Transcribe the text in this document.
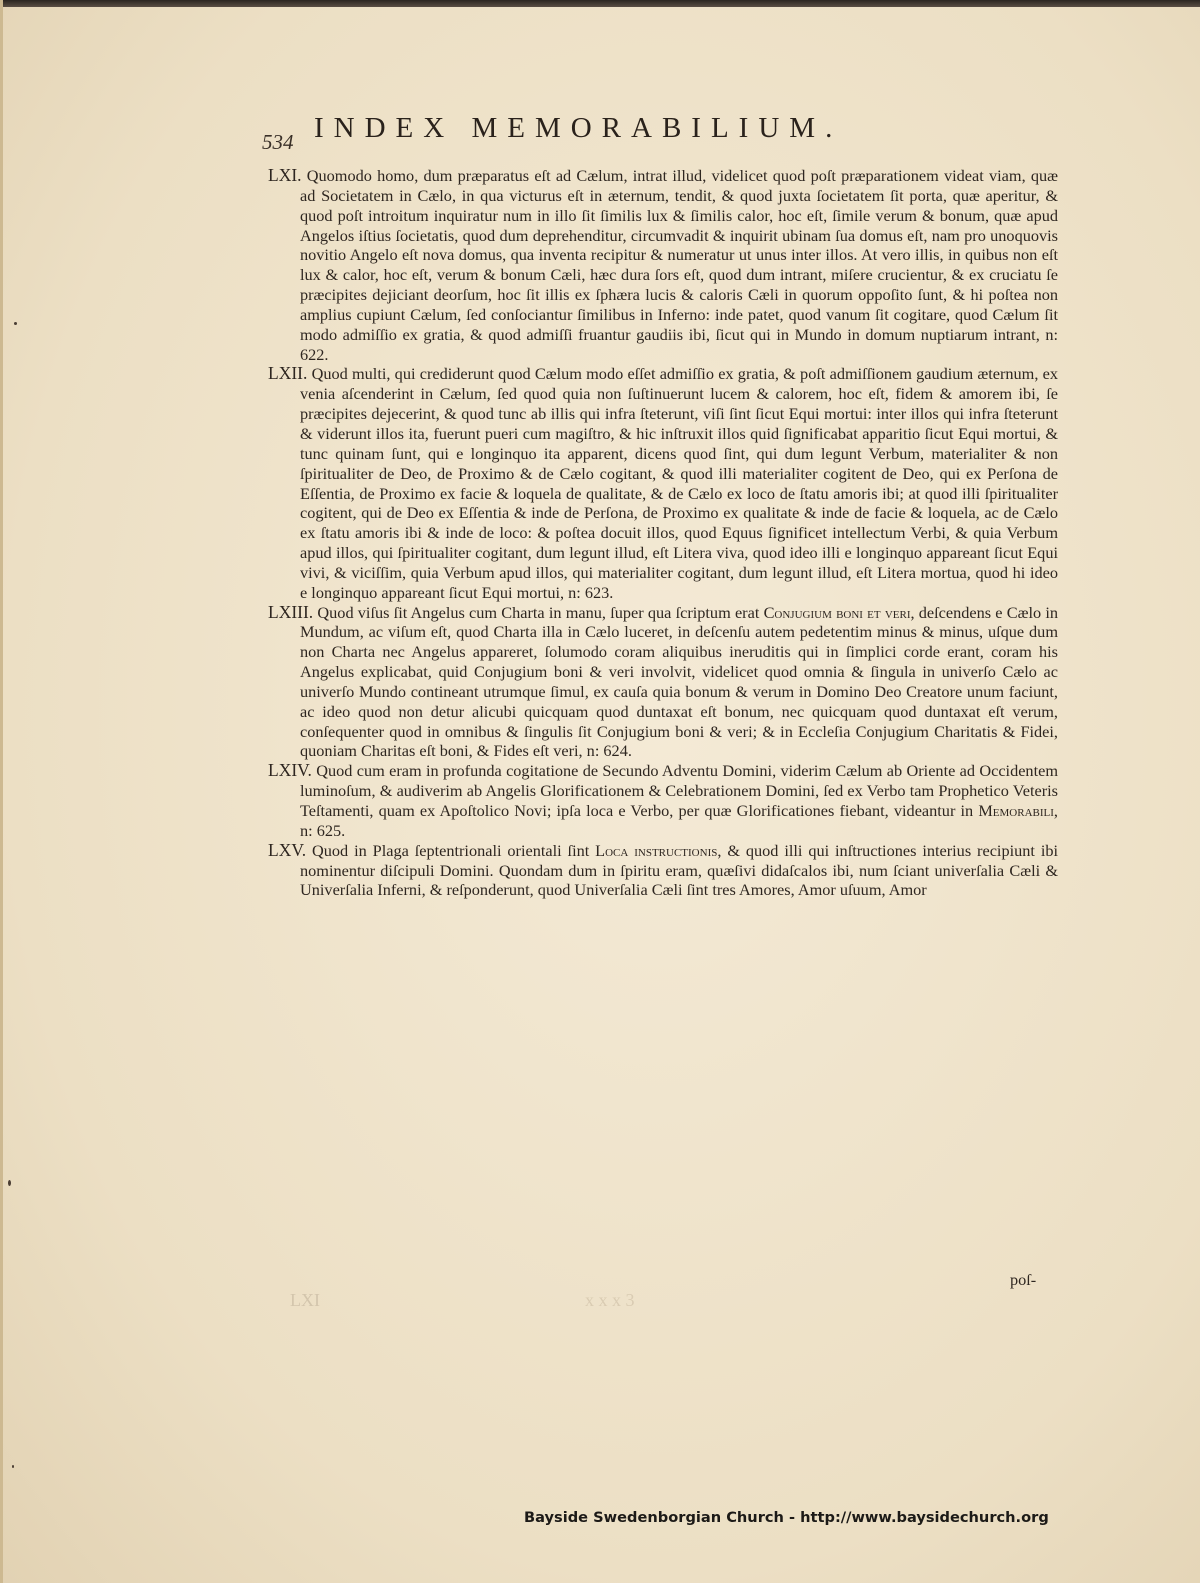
534 INDEX MEMORABILIUM.

LXI. Quomodo homo, dum præparatus eſt ad Cælum, intrat illud, videlicet quod poſt præparationem videat viam, quæ ad Societatem in Cælo, in qua victurus eſt in æternum, tendit, & quod juxta ſocietatem ſit porta, quæ aperitur, & quod poſt introitum inquiratur num in illo ſit ſimilis lux & ſimilis calor, hoc eſt, ſimile verum & bonum, quæ apud Angelos iſtius ſocietatis, quod dum deprehenditur, circumvadit & inquirit ubinam ſua domus eſt, nam pro unoquovis novitio Angelo eſt nova domus, qua inventa recipitur & numeratur ut unus inter illos. At vero illis, in quibus non eſt lux & calor, hoc eſt, verum & bonum Cæli, hæc dura ſors eſt, quod dum intrant, miſere crucientur, & ex cruciatu ſe præcipites dejiciant deorſum, hoc ſit illis ex ſphæra lucis & caloris Cæli in quorum oppoſito ſunt, & hi poſtea non amplius cupiunt Cælum, ſed conſociantur ſimilibus in Inferno: inde patet, quod vanum ſit cogitare, quod Cælum ſit modo admiſſio ex gratia, & quod admiſſi fruantur gaudiis ibi, ſicut qui in Mundo in domum nuptiarum intrant, n: 622.

LXII. Quod multi, qui crediderunt quod Cælum modo eſſet admiſſio ex gratia, & poſt admiſſionem gaudium æternum, ex venia aſcenderint in Cælum, ſed quod quia non ſuſtinuerunt lucem & calorem, hoc eſt, fidem & amorem ibi, ſe præcipites dejecerint, & quod tunc ab illis qui infra ſteterunt, viſi ſint ſicut Equi mortui: inter illos qui infra ſteterunt & viderunt illos ita, fuerunt pueri cum magiſtro, & hic inſtruxit illos quid ſignificabat apparitio ſicut Equi mortui, & tunc quinam ſunt, qui e longinquo ita apparent, dicens quod ſint, qui dum legunt Verbum, materialiter & non ſpiritualiter de Deo, de Proximo & de Cælo cogitant, & quod illi materialiter cogitent de Deo, qui ex Perſona de Eſſentia, de Proximo ex facie & loquela de qualitate, & de Cælo ex loco de ſtatu amoris ibi; at quod illi ſpiritualiter cogitent, qui de Deo ex Eſſentia & inde de Perſona, de Proximo ex qualitate & inde de facie & loquela, ac de Cælo ex ſtatu amoris ibi & inde de loco: & poſtea docuit illos, quod Equus ſignificet intellectum Verbi, & quia Verbum apud illos, qui ſpiritualiter cogitant, dum legunt illud, eſt Litera viva, quod ideo illi e longinquo appareant ſicut Equi vivi, & viciſſim, quia Verbum apud illos, qui materialiter cogitant, dum legunt illud, eſt Litera mortua, quod hi ideo e longinquo appareant ſicut Equi mortui, n: 623.

LXIII. Quod viſus ſit Angelus cum Charta in manu, ſuper qua ſcriptum erat Conjugium boni et veri, deſcendens e Cælo in Mundum, ac viſum eſt, quod Charta illa in Cælo luceret, in deſcenſu autem pedetentim minus & minus, uſque dum non Charta nec Angelus appareret, ſolumodo coram aliquibus ineruditis qui in ſimplici corde erant, coram his Angelus explicabat, quid Conjugium boni & veri involvit, videlicet quod omnia & ſingula in univerſo Cælo ac univerſo Mundo contineant utrumque ſimul, ex cauſa quia bonum & verum in Domino Deo Creatore unum faciunt, ac ideo quod non detur alicubi quicquam quod duntaxat eſt bonum, nec quicquam quod duntaxat eſt verum, conſequenter quod in omnibus & ſingulis ſit Conjugium boni & veri; & in Eccleſia Conjugium Charitatis & Fidei, quoniam Charitas eſt boni, & Fides eſt veri, n: 624.

LXIV. Quod cum eram in profunda cogitatione de Secundo Adventu Domini, viderim Cælum ab Oriente ad Occidentem luminoſum, & audiverim ab Angelis Glorificationem & Celebrationem Domini, ſed ex Verbo tam Prophetico Veteris Teſtamenti, quam ex Apoſtolico Novi; ipſa loca e Verbo, per quæ Glorificationes fiebant, videantur in Memorabili, n: 625.

LXV. Quod in Plaga ſeptentrionali orientali ſint Loca instructionis, & quod illi qui inſtructiones interius recipiunt ibi nominentur diſcipuli Domini. Quondam dum in ſpiritu eram, quæſivi didaſcalos ibi, num ſciant univerſalia Cæli & Univerſalia Inferni, & reſponderunt, quod Univerſalia Cæli ſint tres Amores, Amor uſuum, Amor

poſ-
LXI	x x x 3
Bayside Swedenborgian Church - http://www.baysidechurch.org
